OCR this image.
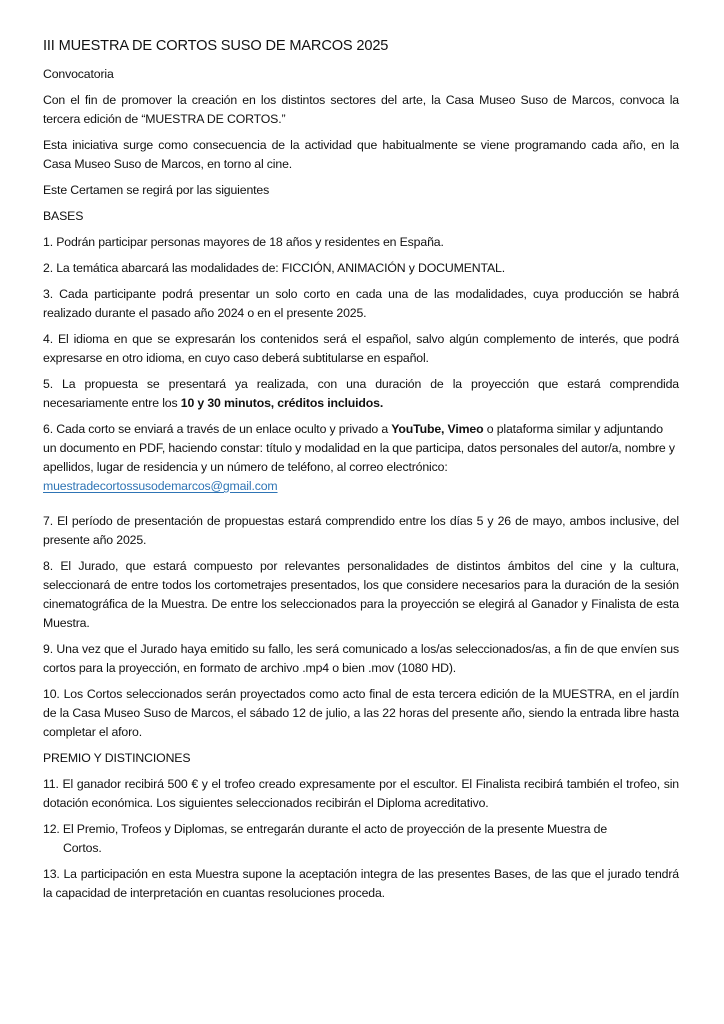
III MUESTRA DE CORTOS SUSO DE MARCOS 2025

Convocatoria

Con el fin de promover la creación en los distintos sectores del arte, la Casa Museo Suso de Marcos, convoca la tercera edición de “MUESTRA DE CORTOS.”

Esta iniciativa surge como consecuencia de la actividad que habitualmente se viene programando cada año, en la Casa Museo Suso de Marcos, en torno al cine.

Este Certamen se regirá por las siguientes

BASES

1. Podrán participar personas mayores de 18 años y residentes en España.

2. La temática abarcará las modalidades de: FICCIÓN, ANIMACIÓN y DOCUMENTAL.

3. Cada participante podrá presentar un solo corto en cada una de las modalidades, cuya producción se habrá realizado durante el pasado año 2024 o en el presente 2025.

4. El idioma en que se expresarán los contenidos será el español, salvo algún complemento de interés, que podrá expresarse en otro idioma, en cuyo caso deberá subtitularse en español.

5. La propuesta se presentará ya realizada, con una duración de la proyección que estará comprendida necesariamente entre los 10 y 30 minutos, créditos incluidos.

6. Cada corto se enviará a través de un enlace oculto y privado a YouTube, Vimeo o plataforma similar y adjuntando un documento en PDF, haciendo constar: título y modalidad en la que participa, datos personales del autor/a, nombre y apellidos, lugar de residencia y un número de teléfono, al correo electrónico: muestradecortossusodemarcos@gmail.com

7. El período de presentación de propuestas estará comprendido entre los días 5 y 26 de mayo, ambos inclusive, del presente año 2025.

8. El Jurado, que estará compuesto por relevantes personalidades de distintos ámbitos del cine y la cultura, seleccionará de entre todos los cortometrajes presentados, los que considere necesarios para la duración de la sesión cinematográfica de la Muestra. De entre los seleccionados para la proyección se elegirá al Ganador y Finalista de esta Muestra.

9. Una vez que el Jurado haya emitido su fallo, les será comunicado a los/as seleccionados/as, a fin de que envíen sus cortos para la proyección, en formato de archivo .mp4 o bien .mov (1080 HD).

10. Los Cortos seleccionados serán proyectados como acto final de esta tercera edición de la MUESTRA, en el jardín de la Casa Museo Suso de Marcos, el sábado 12 de julio, a las 22 horas del presente año, siendo la entrada libre hasta completar el aforo.

PREMIO Y DISTINCIONES

11. El ganador recibirá 500 € y el trofeo creado expresamente por el escultor. El Finalista recibirá también el trofeo, sin dotación económica. Los siguientes seleccionados recibirán el Diploma acreditativo.

12. El Premio, Trofeos y Diplomas, se entregarán durante el acto de proyección de la presente Muestra de
Cortos.

13. La participación en esta Muestra supone la aceptación integra de las presentes Bases, de las que el jurado tendrá la capacidad de interpretación en cuantas resoluciones proceda.
